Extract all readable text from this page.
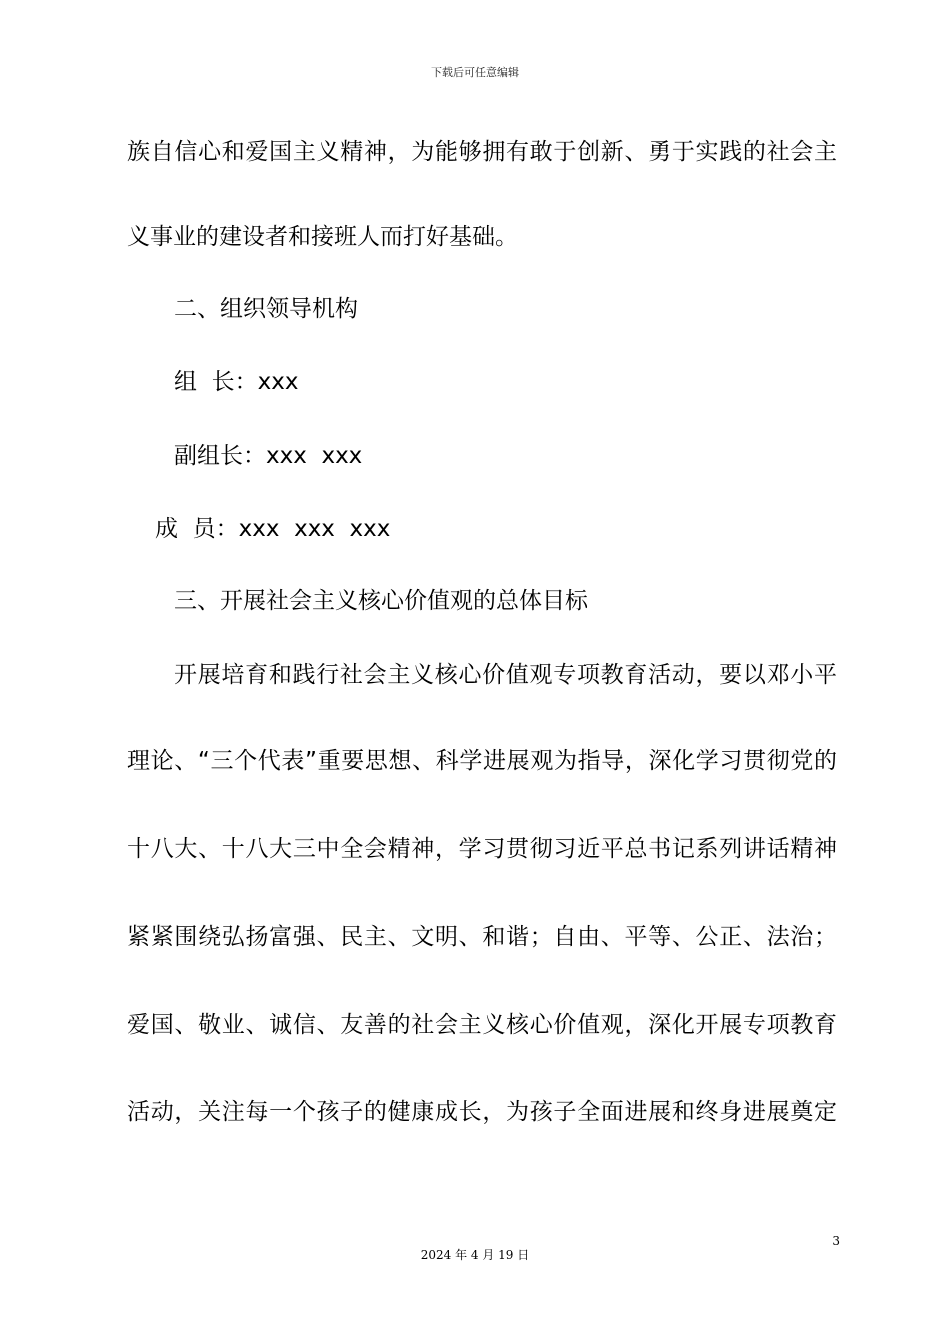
下载后可任意编辑
族自信心和爱国主义精神，为能够拥有敢于创新、勇于实践的社会主
义事业的建设者和接班人而打好基础。
二、组织领导机构
组  长：xxx
副组长：xxx  xxx
成  员：xxx  xxx  xxx
三、开展社会主义核心价值观的总体目标
开展培育和践行社会主义核心价值观专项教育活动，要以邓小平
理论、“三个代表”重要思想、科学进展观为指导，深化学习贯彻党的
十八大、十八大三中全会精神，学习贯彻习近平总书记系列讲话精神
紧紧围绕弘扬富强、民主、文明、和谐；自由、平等、公正、法治；
爱国、敬业、诚信、友善的社会主义核心价值观，深化开展专项教育
活动，关注每一个孩子的健康成长，为孩子全面进展和终身进展奠定
3
2024 年 4 月 19 日
